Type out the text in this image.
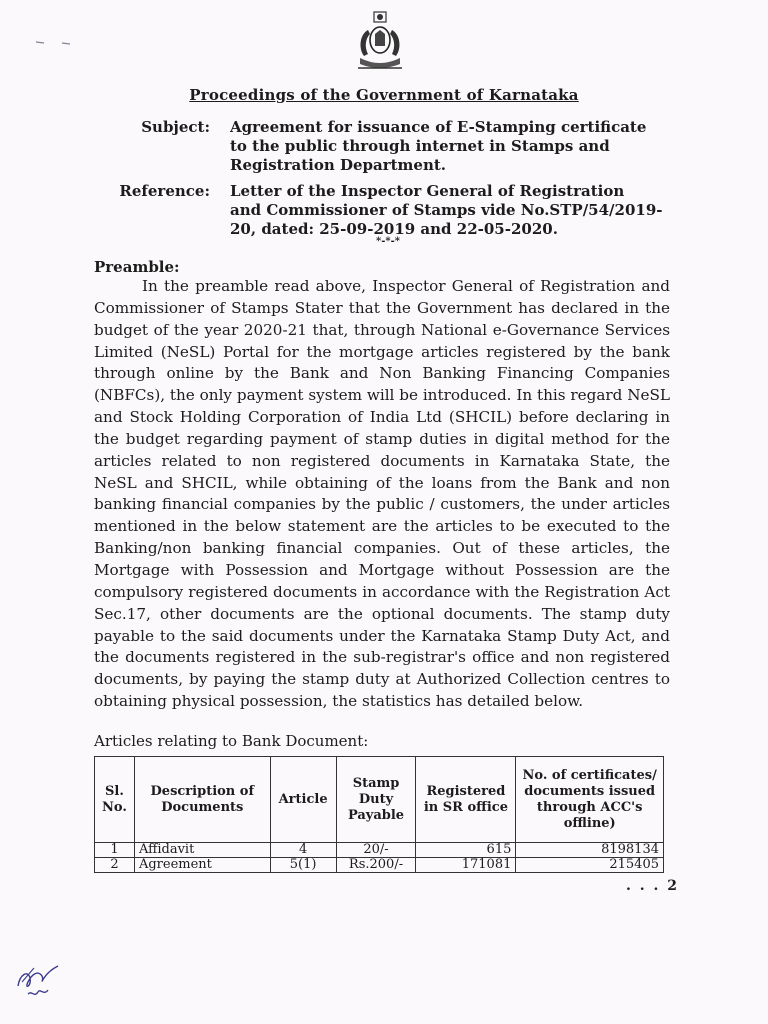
Proceedings of the Government of Karnataka
Subject: Agreement for issuance of E-Stamping certificate
to the public through internet in Stamps and
Registration Department.
Reference: Letter of the Inspector General of Registration
and Commissioner of Stamps vide No.STP/54/2019-
20, dated: 25-09-2019 and 22-05-2020.
*-*-*
Preamble:
In the preamble read above, Inspector General of Registration and Commissioner of Stamps Stater that the Government has declared in the budget of the year 2020-21 that, through National e-Governance Services Limited (NeSL) Portal for the mortgage articles registered by the bank through online by the Bank and Non Banking Financing Companies (NBFCs), the only payment system will be introduced. In this regard NeSL and Stock Holding Corporation of India Ltd (SHCIL) before declaring in the budget regarding payment of stamp duties in digital method for the articles related to non registered documents in Karnataka State, the NeSL and SHCIL, while obtaining of the loans from the Bank and non banking financial companies by the public / customers, the under articles mentioned in the below statement are the articles to be executed to the Banking/non banking financial companies. Out of these articles, the Mortgage with Possession and Mortgage without Possession are the compulsory registered documents in accordance with the Registration Act Sec.17, other documents are the optional documents. The stamp duty payable to the said documents under the Karnataka Stamp Duty Act, and the documents registered in the sub-registrar's office and non registered documents, by paying the stamp duty at Authorized Collection centres to obtaining physical possession, the statistics has detailed below.
Articles relating to Bank Document:
Sl. No.	Description of Documents	Article	Stamp Duty Payable	Registered in SR office	No. of certificates/ documents issued through ACC's offline)
1	Affidavit	4	20/-	615	8198134
2	Agreement	5(1)	Rs.200/-	171081	215405
. . . 2
